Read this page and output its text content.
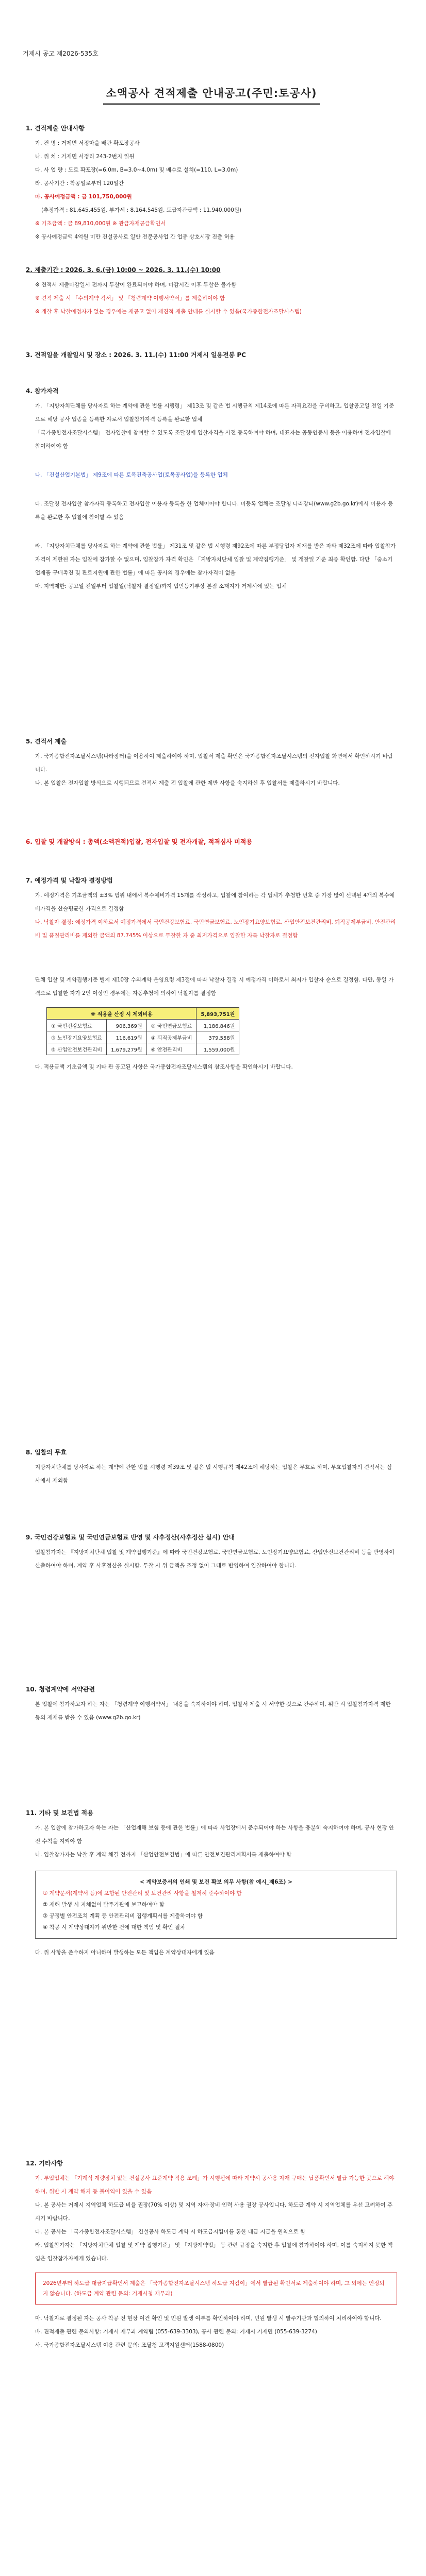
거제시 공고 제2026-535호
소액공사 견적제출 안내공고(주민:토공사)
1. 견적제출 안내사항
가. 건 명 : 거제면 서정마을 배관 확포장공사
나. 위 치 : 거제면 서정리 243-2번지 일원
다. 사 업 량 : 도로 확포장(=6.0m, B=3.0~4.0m) 및 배수로 설치(=110, L=3.0m)
라. 공사기간 : 착공일로부터 120일간
마. 공사예정금액 : 금 101,750,000원
(추정가격 : 81,645,455원, 부가세 : 8,164,545원, 도급자관급액 : 11,940,000원)
※ 기초금액 : 금 89,810,000원 ※ 관급자재공급확인서
※ 공사예정금액 4억원 미만 건설공사로 일반 전문공사업 간 업종 상호시장 진출 허용
2. 제출기간 : 2026. 3. 6.(금) 10:00 ~ 2026. 3. 11.(수) 10:00
※ 견적서 제출마감일시 전까지 투찰이 완료되어야 하며, 마감시간 이후 투찰은 불가함
※ 견적 제출 시 「수의계약 각서」 및 「청렴계약 이행서약서」를 제출하여야 함
※ 개찰 후 낙찰예정자가 없는 경우에는 재공고 없이 재견적 제출 안내를 실시할 수 있음(국가종합전자조달시스템)
3. 견적일을 개찰일시 및 장소 : 2026. 3. 11.(수) 11:00 거제시 일용전봉 PC
4. 참가자격
가. 「지방자치단체를 당사자로 하는 계약에 관한 법률 시행령」 제13조 및 같은 법 시행규칙 제14조에 따른 자격요건을 구비하고, 입찰공고일 전일 기준으로 해당 공사 업종을 등록한 자로서 입찰참가자격 등록을 완료한 업체
「국가종합전자조달시스템」 전자입찰에 참여할 수 있도록 조달청에 입찰자격을 사전 등록하여야 하며, 대표자는 공동인증서 등을 이용하여 전자입찰에 참여하여야 함
나. 「건설산업기본법」 제9조에 따른 토목건축공사업(토목공사업)을 등록한 업체
다. 조달청 전자입찰 참가자격 등록하고 전자입찰 이용자 등록을 한 업체이어야 합니다. 미등록 업체는 조달청 나라장터(www.g2b.go.kr)에서 이용자 등록을 완료한 후 입찰에 참여할 수 있음
라. 「지방자치단체를 당사자로 하는 계약에 관한 법률」 제31조 및 같은 법 시행령 제92조에 따른 부정당업자 제재를 받은 자와 제32조에 따라 입찰참가 자격이 제한된 자는 입찰에 참가할 수 없으며, 입찰참가 자격 확인은 「지방자치단체 입찰 및 계약집행기준」 및 개찰일 기준 최종 확인함. 다만 「중소기업제품 구매촉진 및 판로지원에 관한 법률」에 따른 공사의 경우에는 참가자격이 없음
마. 지역제한: 공고일 전일부터 입찰일(낙찰자 결정일)까지 법인등기부상 본점 소재지가 거제시에 있는 업체
5. 견적서 제출
가. 국가종합전자조달시스템(나라장터)을 이용하여 제출하여야 하며, 입찰서 제출 확인은 국가종합전자조달시스템의 전자입찰 화면에서 확인하시기 바랍니다.
나. 본 입찰은 전자입찰 방식으로 시행되므로 견적서 제출 전 입찰에 관한 제반 사항을 숙지하신 후 입찰서를 제출하시기 바랍니다.
6. 입찰 및 개찰방식 : 총액(소액견적)입찰, 전자입찰 및 전자개찰, 적격심사 미적용
7. 예정가격 및 낙찰자 결정방법
가. 예정가격은 기초금액의 ±3% 범위 내에서 복수예비가격 15개를 작성하고, 입찰에 참여하는 각 업체가 추첨한 번호 중 가장 많이 선택된 4개의 복수예비가격을 산술평균한 가격으로 결정함
나. 낙찰자 결정: 예정가격 이하로서 예정가격에서 국민건강보험료, 국민연금보험료, 노인장기요양보험료, 산업안전보건관리비, 퇴직공제부금비, 안전관리비 및 품질관리비를 제외한 금액의 87.745% 이상으로 투찰한 자 중 최저가격으로 입찰한 자를 낙찰자로 결정함
단체 입찰 및 계약집행기준 별지 제10장 수의계약 운영요령 제3절에 따라 낙찰자 결정 시 예정가격 이하로서 최저가 입찰자 순으로 결정함. 다만, 동일 가격으로 입찰한 자가 2인 이상인 경우에는 자동추첨에 의하여 낙찰자를 결정함
※ 적용을 산정 시 제외비용			5,893,751원
① 국민건강보험료	906,369원	② 국민연금보험료	1,186,846원
③ 노인장기요양보험료	116,619원	④ 퇴직공제부금비	379,558원
⑤ 산업안전보건관리비	1,679,279원	⑥ 안전관리비	1,559,000원
다. 적용금액 기초금액 및 기타 관 공고된 사항은 국가종합전자조달시스템의 참조사항을 확인하시기 바랍니다.
8. 입찰의 무효
지방자치단체를 당사자로 하는 계약에 관한 법률 시행령 제39조 및 같은 법 시행규칙 제42조에 해당하는 입찰은 무효로 하며, 무효입찰자의 견적서는 심사에서 제외함
9. 국민건강보험료 및 국민연금보험료 반영 및 사후정산(사후정산 실시) 안내
입찰참가자는 『지방자치단체 입찰 및 계약집행기준』에 따라 국민건강보험료, 국민연금보험료, 노인장기요양보험료, 산업안전보건관리비 등을 반영하여 산출하여야 하며, 계약 후 사후정산을 실시함. 투찰 시 위 금액을 조정 없이 그대로 반영하여 입찰하여야 합니다.
10. 청렴계약에 서약관련
본 입찰에 참가하고자 하는 자는 「청렴계약 이행서약서」 내용을 숙지하여야 하며, 입찰서 제출 시 서약한 것으로 간주하며, 위반 시 입찰참가자격 제한 등의 제재를 받을 수 있음 (www.g2b.go.kr)
11. 기타 및 보건법 적용
가. 본 입찰에 참가하고자 하는 자는 「산업재해 보험 등에 관한 법률」에 따라 사업장에서 준수되어야 하는 사항을 충분히 숙지하여야 하며, 공사 현장 안전 수칙을 지켜야 함
나. 입찰참가자는 낙찰 후 계약 체결 전까지 「산업안전보건법」에 따른 안전보건관리계획서를 제출하여야 함
< 계약보증서의 인쇄 및 보건 확보 의무 사항(참 예시_제6조) >
① 계약문서(계약서 등)에 포함된 안전관리 및 보건관리 사항을 철저히 준수하여야 함
② 재해 발생 시 지체없이 발주기관에 보고하여야 함
③ 공정별 안전조치 계획 등 안전관리비 집행계획서를 제출하여야 함
④ 착공 시 계약상대자가 위반한 건에 대한 책임 및 확인 절차
다. 위 사항을 준수하지 아니하여 발생하는 모든 책임은 계약상대자에게 있음
12. 기타사항
가. 투입업체는 「기계식 계량장치 없는 건설공사 표준계약 적용 조례」가 시행됨에 따라 계약시 공사용 자재 구매는 납품확인서 발급 가능한 곳으로 해야 하며, 위반 시 계약 해지 등 불이익이 있을 수 있음
나. 본 공사는 거제시 지역업체 하도급 비율 권장(70% 이상) 및 지역 자재·장비·인력 사용 권장 공사입니다. 하도급 계약 시 지역업체를 우선 고려하여 주시기 바랍니다.
다. 본 공사는 「국가종합전자조달시스템」 건설공사 하도급 계약 시 하도급지킴이를 통한 대금 지급을 원칙으로 함
라. 입찰참가자는 「지방자치단체 입찰 및 계약 집행기준」 및 「지방계약법」 등 관련 규정을 숙지한 후 입찰에 참가하여야 하며, 이를 숙지하지 못한 책임은 입찰참가자에게 있습니다.
2026년부터 하도급 대금지급확인서 제출은 「국가종합전자조달시스템 하도급 지킴이」에서 발급된 확인서로 제출하여야 하며, 그 외에는 인정되지 않습니다. (하도급 계약 관련 문의: 거제시청 재무과)
마. 낙찰자로 결정된 자는 공사 착공 전 현장 여건 확인 및 민원 발생 여부를 확인하여야 하며, 민원 발생 시 발주기관과 협의하여 처리하여야 합니다.
바. 견적제출 관련 문의사항: 거제시 재무과 계약팀 (055-639-3303), 공사 관련 문의: 거제시 거제면 (055-639-3274)
사. 국가종합전자조달시스템 이용 관련 문의: 조달청 고객지원센터(1588-0800)
